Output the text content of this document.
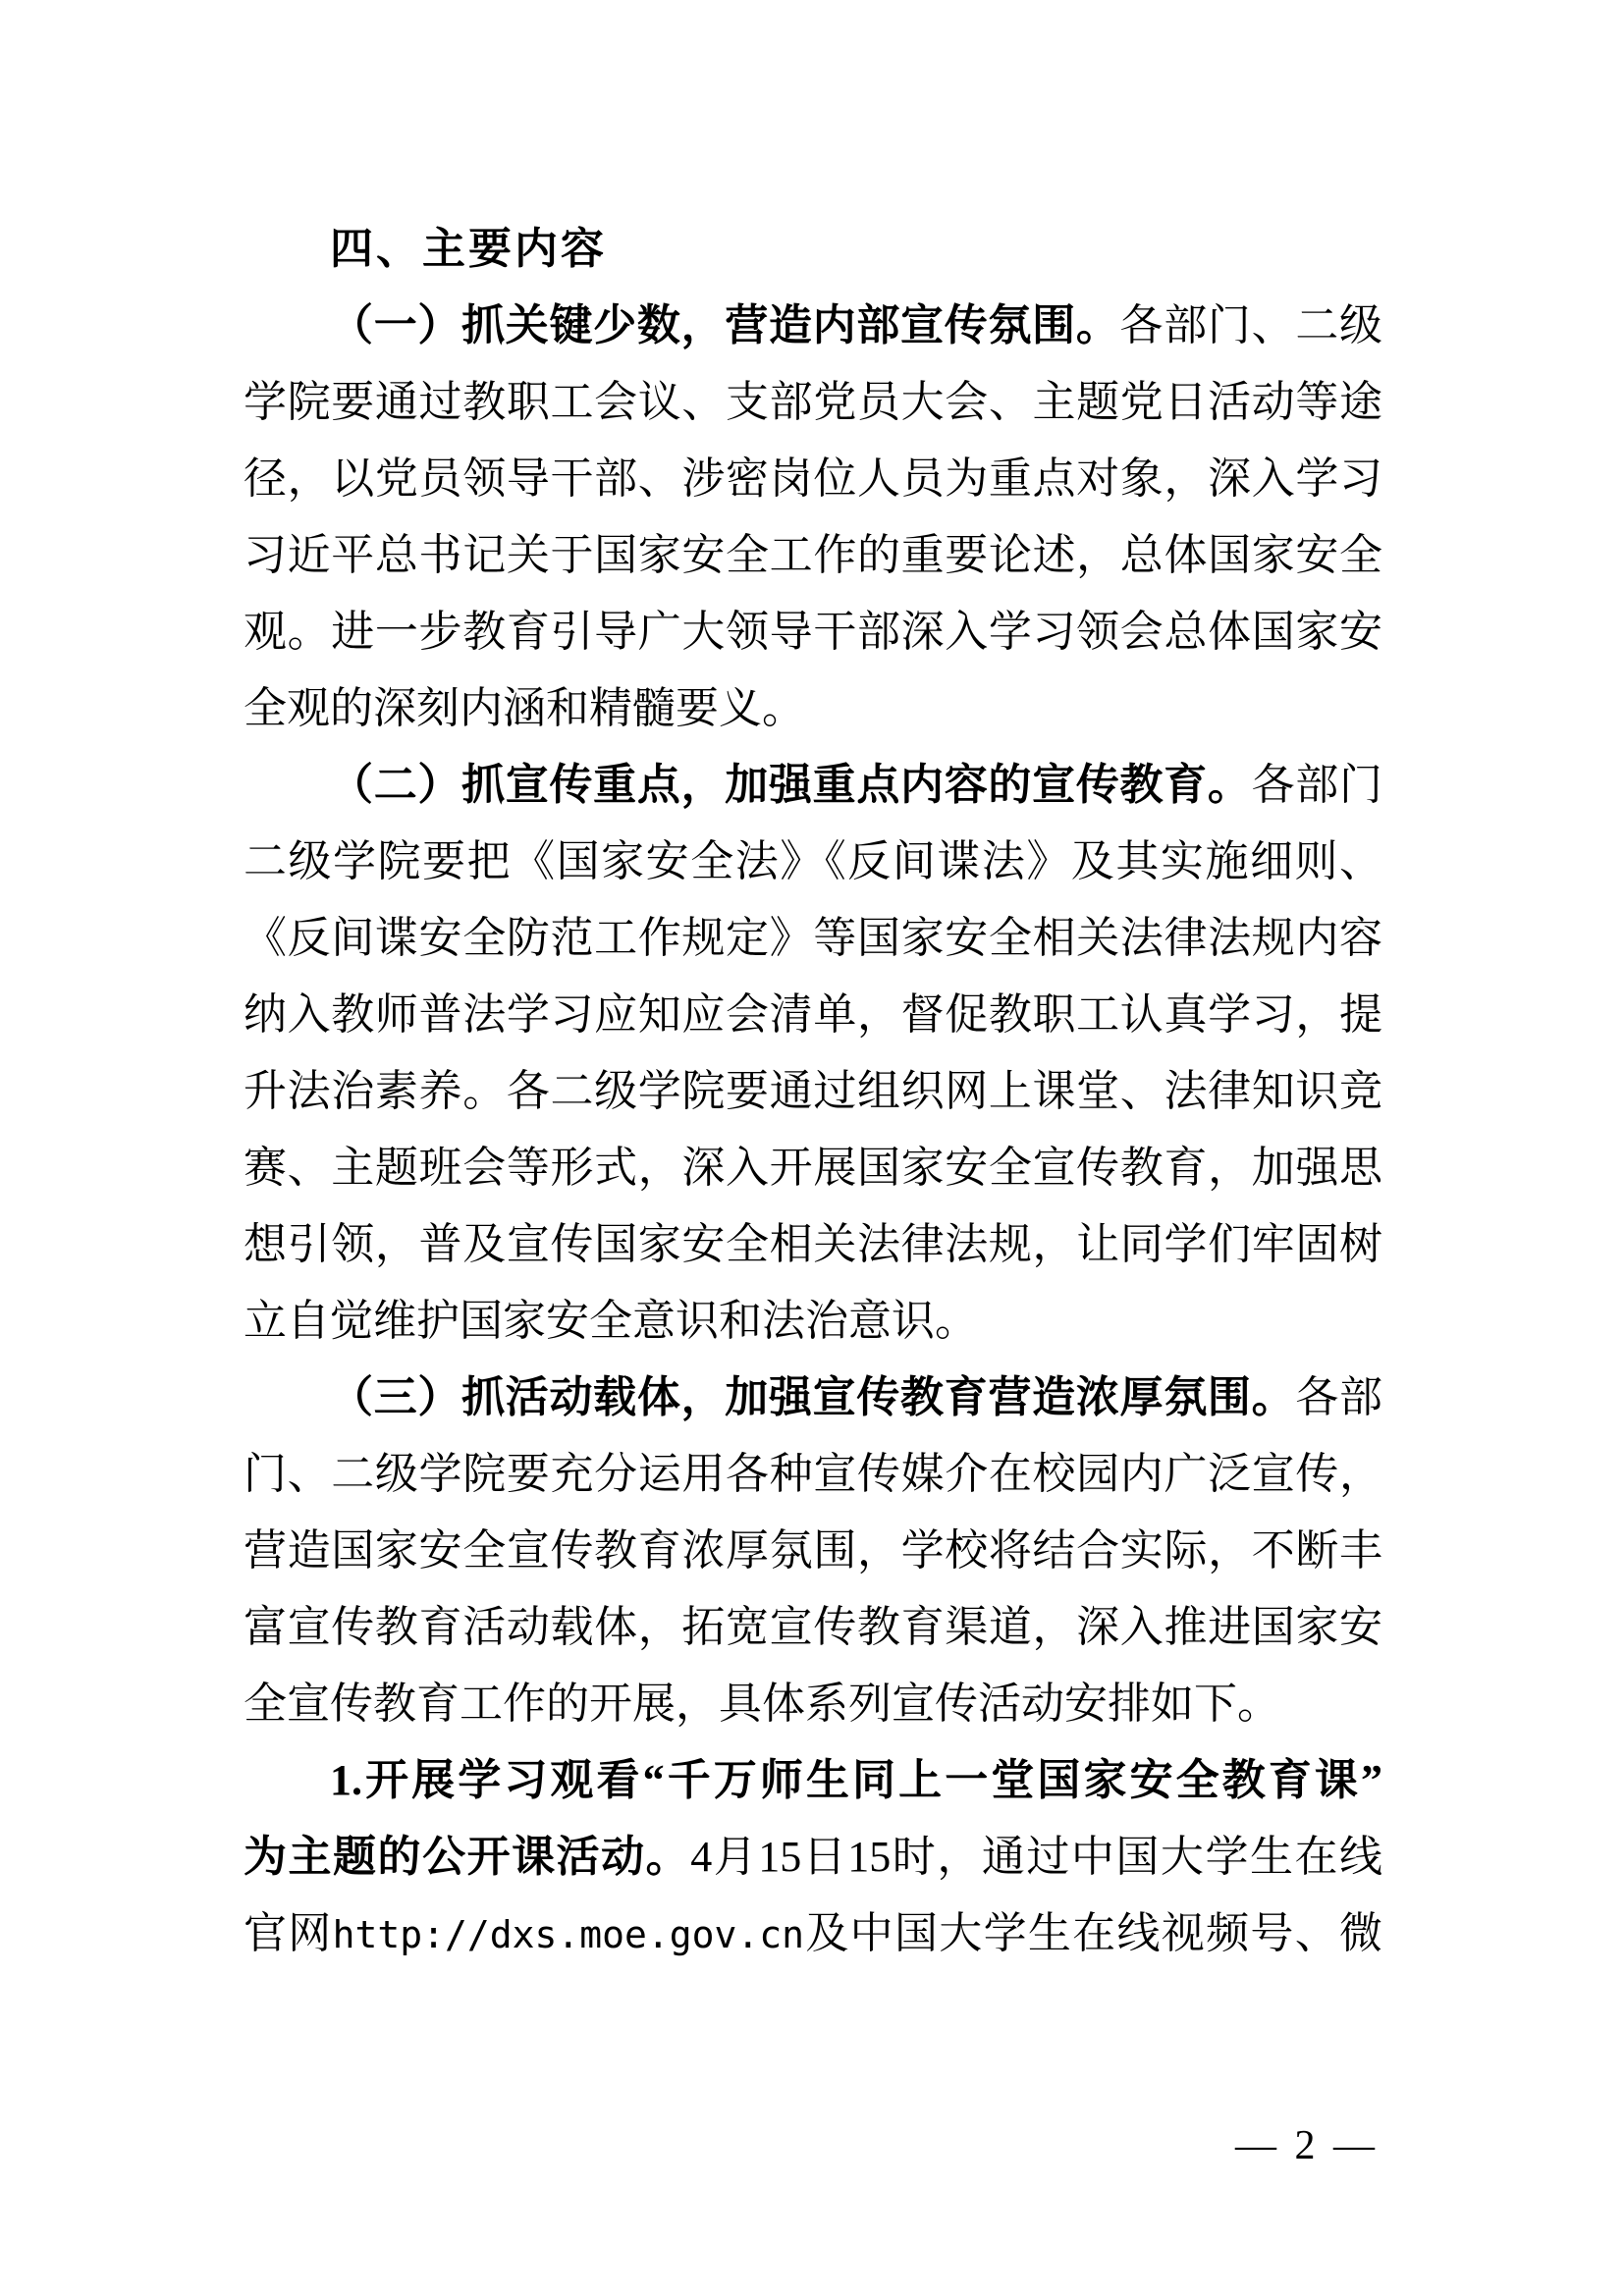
四、主要内容
（一）抓关键少数，营造内部宣传氛围。各部门、二级
学院要通过教职工会议、支部党员大会、主题党日活动等途
径，以党员领导干部、涉密岗位人员为重点对象，深入学习
习近平总书记关于国家安全工作的重要论述，总体国家安全
观。进一步教育引导广大领导干部深入学习领会总体国家安
全观的深刻内涵和精髓要义。
（二）抓宣传重点，加强重点内容的宣传教育。各部门
二级学院要把《国家安全法》《反间谍法》及其实施细则、
《反间谍安全防范工作规定》等国家安全相关法律法规内容
纳入教师普法学习应知应会清单，督促教职工认真学习，提
升法治素养。各二级学院要通过组织网上课堂、法律知识竞
赛、主题班会等形式，深入开展国家安全宣传教育，加强思
想引领，普及宣传国家安全相关法律法规，让同学们牢固树
立自觉维护国家安全意识和法治意识。
（三）抓活动载体，加强宣传教育营造浓厚氛围。各部
门、二级学院要充分运用各种宣传媒介在校园内广泛宣传，
营造国家安全宣传教育浓厚氛围，学校将结合实际，不断丰
富宣传教育活动载体，拓宽宣传教育渠道，深入推进国家安
全宣传教育工作的开展，具体系列宣传活动安排如下。
1.开展学习观看“千万师生同上一堂国家安全教育课”
为主题的公开课活动。4月15日15时，通过中国大学生在线
官网http://dxs.moe.gov.cn及中国大学生在线视频号、微
— 2 —
